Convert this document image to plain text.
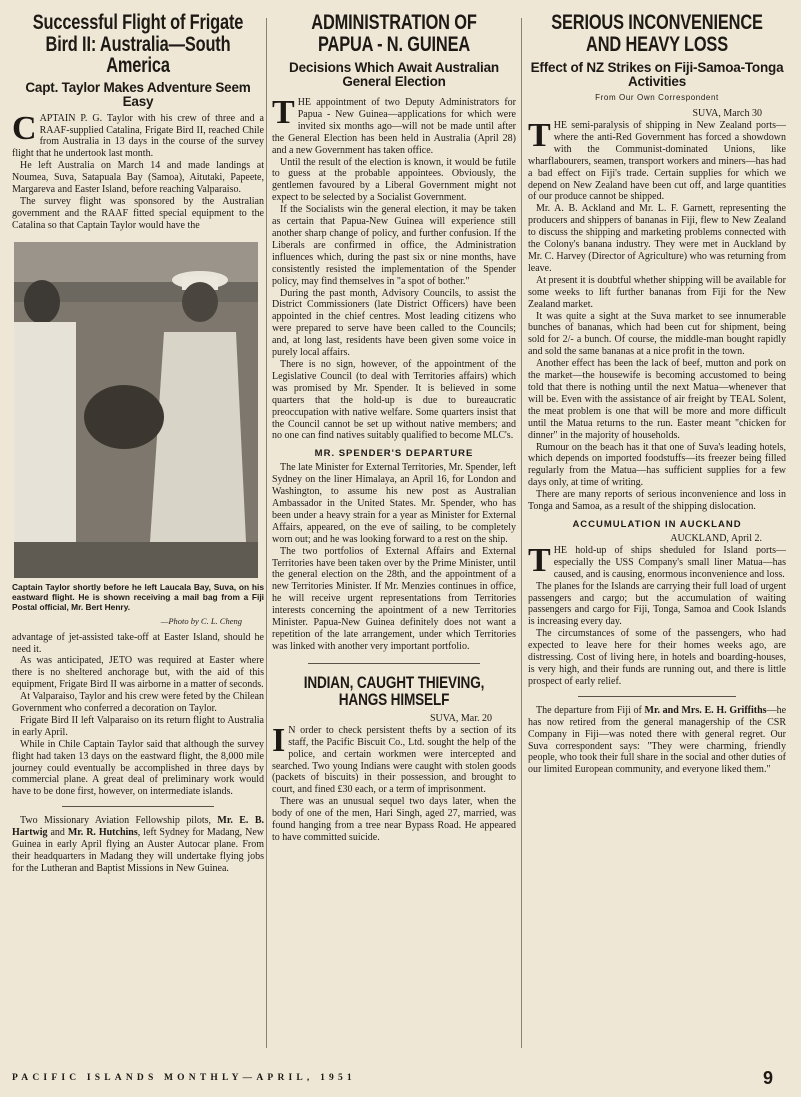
Successful Flight of Frigate Bird II: Australia—South America
Capt. Taylor Makes Adventure Seem Easy

CAPTAIN P. G. Taylor with his crew of three and a RAAF-supplied Catalina, Frigate Bird II, reached Chile from Australia in 13 days in the course of the survey flight that he undertook last month.

He left Australia on March 14 and made landings at Noumea, Suva, Satapuala Bay (Samoa), Aitutaki, Papeete, Margareva and Easter Island, before reaching Valparaiso.

The survey flight was sponsored by the Australian government and the RAAF fitted special equipment to the Catalina so that Captain Taylor would have the

Captain Taylor shortly before he left Laucala Bay, Suva, on his eastward flight. He is shown receiving a mail bag from a Fiji Postal official, Mr. Bert Henry.
—Photo by C. L. Cheng

advantage of jet-assisted take-off at Easter Island, should he need it.

As was anticipated, JETO was required at Easter where there is no sheltered anchorage but, with the aid of this equipment, Frigate Bird II was airborne in a matter of seconds.

At Valparaiso, Taylor and his crew were feted by the Chilean Government who conferred a decoration on Taylor.

Frigate Bird II left Valparaiso on its return flight to Australia in early April.

While in Chile Captain Taylor said that although the survey flight had taken 13 days on the eastward flight, the 8,000 mile journey could eventually be accomplished in three days by commercial plane. A great deal of preliminary work would have to be done first, however, on intermediate islands.

Two Missionary Aviation Fellowship pilots, Mr. E. B. Hartwig and Mr. R. Hutchins, left Sydney for Madang, New Guinea in early April flying an Auster Autocar plane. From their headquarters in Madang they will undertake flying jobs for the Lutheran and Baptist Missions in New Guinea.

ADMINISTRATION OF PAPUA - N. GUINEA
Decisions Which Await Australian General Election

THE appointment of two Deputy Administrators for Papua - New Guinea—applications for which were invited six months ago—will not be made until after the General Election has been held in Australia (April 28) and a new Government has taken office.

Until the result of the election is known, it would be futile to guess at the probable appointees. Obviously, the gentlemen favoured by a Liberal Government might not expect to be selected by a Socialist Government.

If the Socialists win the general election, it may be taken as certain that Papua-New Guinea will experience still another sharp change of policy, and further confusion. If the Liberals are confirmed in office, the Administration influences which, during the past six or nine months, have consistently resisted the implementation of the Spender policy, may find themselves in "a spot of bother."

During the past month, Advisory Councils, to assist the District Commissioners (late District Officers) have been appointed in the chief centres. Most leading citizens who were prepared to serve have been called to the Councils; and, at long last, residents have been given some voice in purely local affairs.

There is no sign, however, of the appointment of the Legislative Council (to deal with Territories affairs) which was promised by Mr. Spender. It is believed in some quarters that the hold-up is due to bureaucratic preoccupation with native welfare. Some quarters insist that the Council cannot be set up without native members; and no one can find natives suitably qualified to become MLC's.

MR. SPENDER'S DEPARTURE

The late Minister for External Territories, Mr. Spender, left Sydney on the liner Himalaya, an April 16, for London and Washington, to assume his new post as Australian Ambassador in the United States. Mr. Spender, who has been under a heavy strain for a year as Minister for External Affairs, appeared, on the eve of sailing, to be completely worn out; and he was looking forward to a rest on the ship.

The two portfolios of External Affairs and External Territories have been taken over by the Prime Minister, until the general election on the 28th, and the appointment of a new Territories Minister. If Mr. Menzies continues in office, he will receive urgent representations from Territories interests concerning the apointment of a new Territories Minister. Papua-New Guinea definitely does not want a repetition of the late arrangement, under which Territories was linked with another very important portfolio.

INDIAN, CAUGHT THIEVING, HANGS HIMSELF
SUVA, Mar. 20

I N order to check persistent thefts by a section of its staff, the Pacific Biscuit Co., Ltd. sought the help of the police, and certain workmen were intercepted and searched. Two young Indians were caught with stolen goods (packets of biscuits) in their possession, and brought to court, and fined £30 each, or a term of imprisonment.

There was an unusual sequel two days later, when the body of one of the men, Hari Singh, aged 27, married, was found hanging from a tree near Bypass Road. He appeared to have committed suicide.

SERIOUS INCONVENIENCE AND HEAVY LOSS
Effect of NZ Strikes on Fiji-Samoa-Tonga Activities
From Our Own Correspondent
SUVA, March 30

THE semi-paralysis of shipping in New Zealand ports—where the anti-Red Government has forced a showdown with the Communist-dominated Unions, like wharflabourers, seamen, transport workers and miners—has had a bad effect on Fiji's trade. Certain supplies for which we depend on New Zealand have been cut off, and large quantities of our produce cannot be shipped.

Mr. A. B. Ackland and Mr. L. F. Garnett, representing the producers and shippers of bananas in Fiji, flew to New Zealand to discuss the shipping and marketing problems connected with the Colony's banana industry. They were met in Auckland by Mr. C. Harvey (Director of Agriculture) who was returning from leave.

At present it is doubtful whether shipping will be available for some weeks to lift further bananas from Fiji for the New Zealand market.

It was quite a sight at the Suva market to see innumerable bunches of bananas, which had been cut for shipment, being sold for 2/- a bunch. Of course, the middle-man bought rapidly and sold the same bananas at a nice profit in the town.

Another effect has been the lack of beef, mutton and pork on the market—the housewife is becoming accustomed to being told that there is nothing until the next Matua—whenever that will be. Even with the assistance of air freight by TEAL Solent, the meat problem is one that will be more and more difficult until the Matua returns to the run. Easter meant "chicken for dinner" in the majority of households.

Rumour on the beach has it that one of Suva's leading hotels, which depends on imported foodstuffs—its freezer being filled regularly from the Matua—has sufficient supplies for a few days only, at time of writing.

There are many reports of serious inconvenience and loss in Tonga and Samoa, as a result of the shipping dislocation.

ACCUMULATION IN AUCKLAND
AUCKLAND, April 2.

THE hold-up of ships sheduled for Island ports—especially the USS Company's small liner Matua—has caused, and is causing, enormous inconvenience and loss.

The planes for the Islands are carrying their full load of urgent passengers and cargo; but the accumulation of waiting passengers and cargo for Fiji, Tonga, Samoa and Cook Islands is increasing every day.

The circumstances of some of the passengers, who had expected to leave here for their homes weeks ago, are distressing. Cost of living here, in hotels and boarding-houses, is very high, and their funds are running out, and there is little prospect of early relief.

The departure from Fiji of Mr. and Mrs. E. H. Griffiths—he has now retired from the general managership of the CSR Company in Fiji—was noted there with general regret. Our Suva correspondent says: "They were charming, friendly people, who took their full share in the social and other duties of our limited European community, and everyone liked them."

PACIFIC ISLANDS MONTHLY—APRIL, 1951	9
